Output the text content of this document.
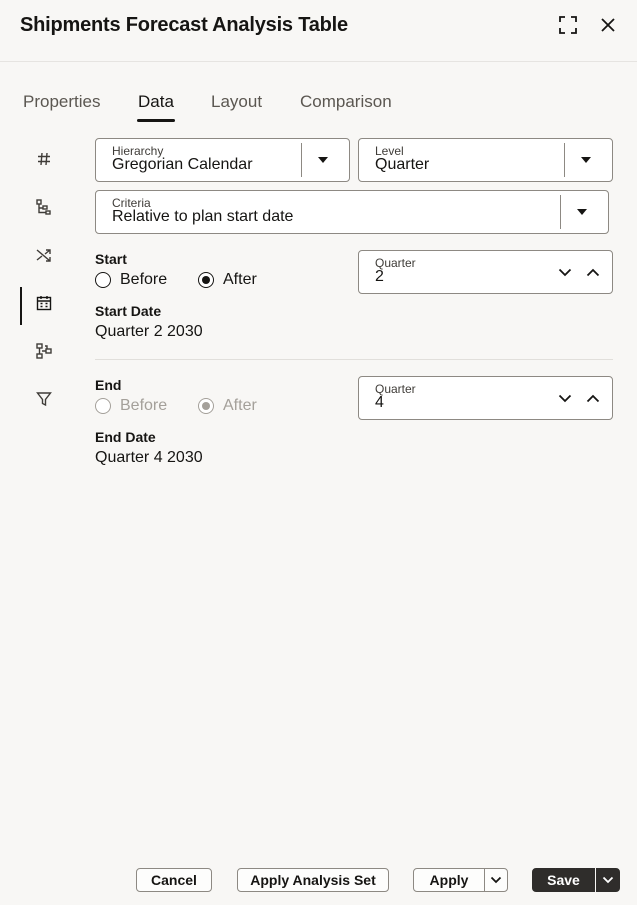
Shipments Forecast Analysis Table
Properties Data Layout Comparison
Hierarchy
Gregorian Calendar
Level
Quarter
Criteria
Relative to plan start date
Start
Before	After
Quarter
2
Start Date
Quarter 2 2030
End
Before	After
Quarter
4
End Date
Quarter 4 2030
Cancel	Apply Analysis Set	Apply	Save
